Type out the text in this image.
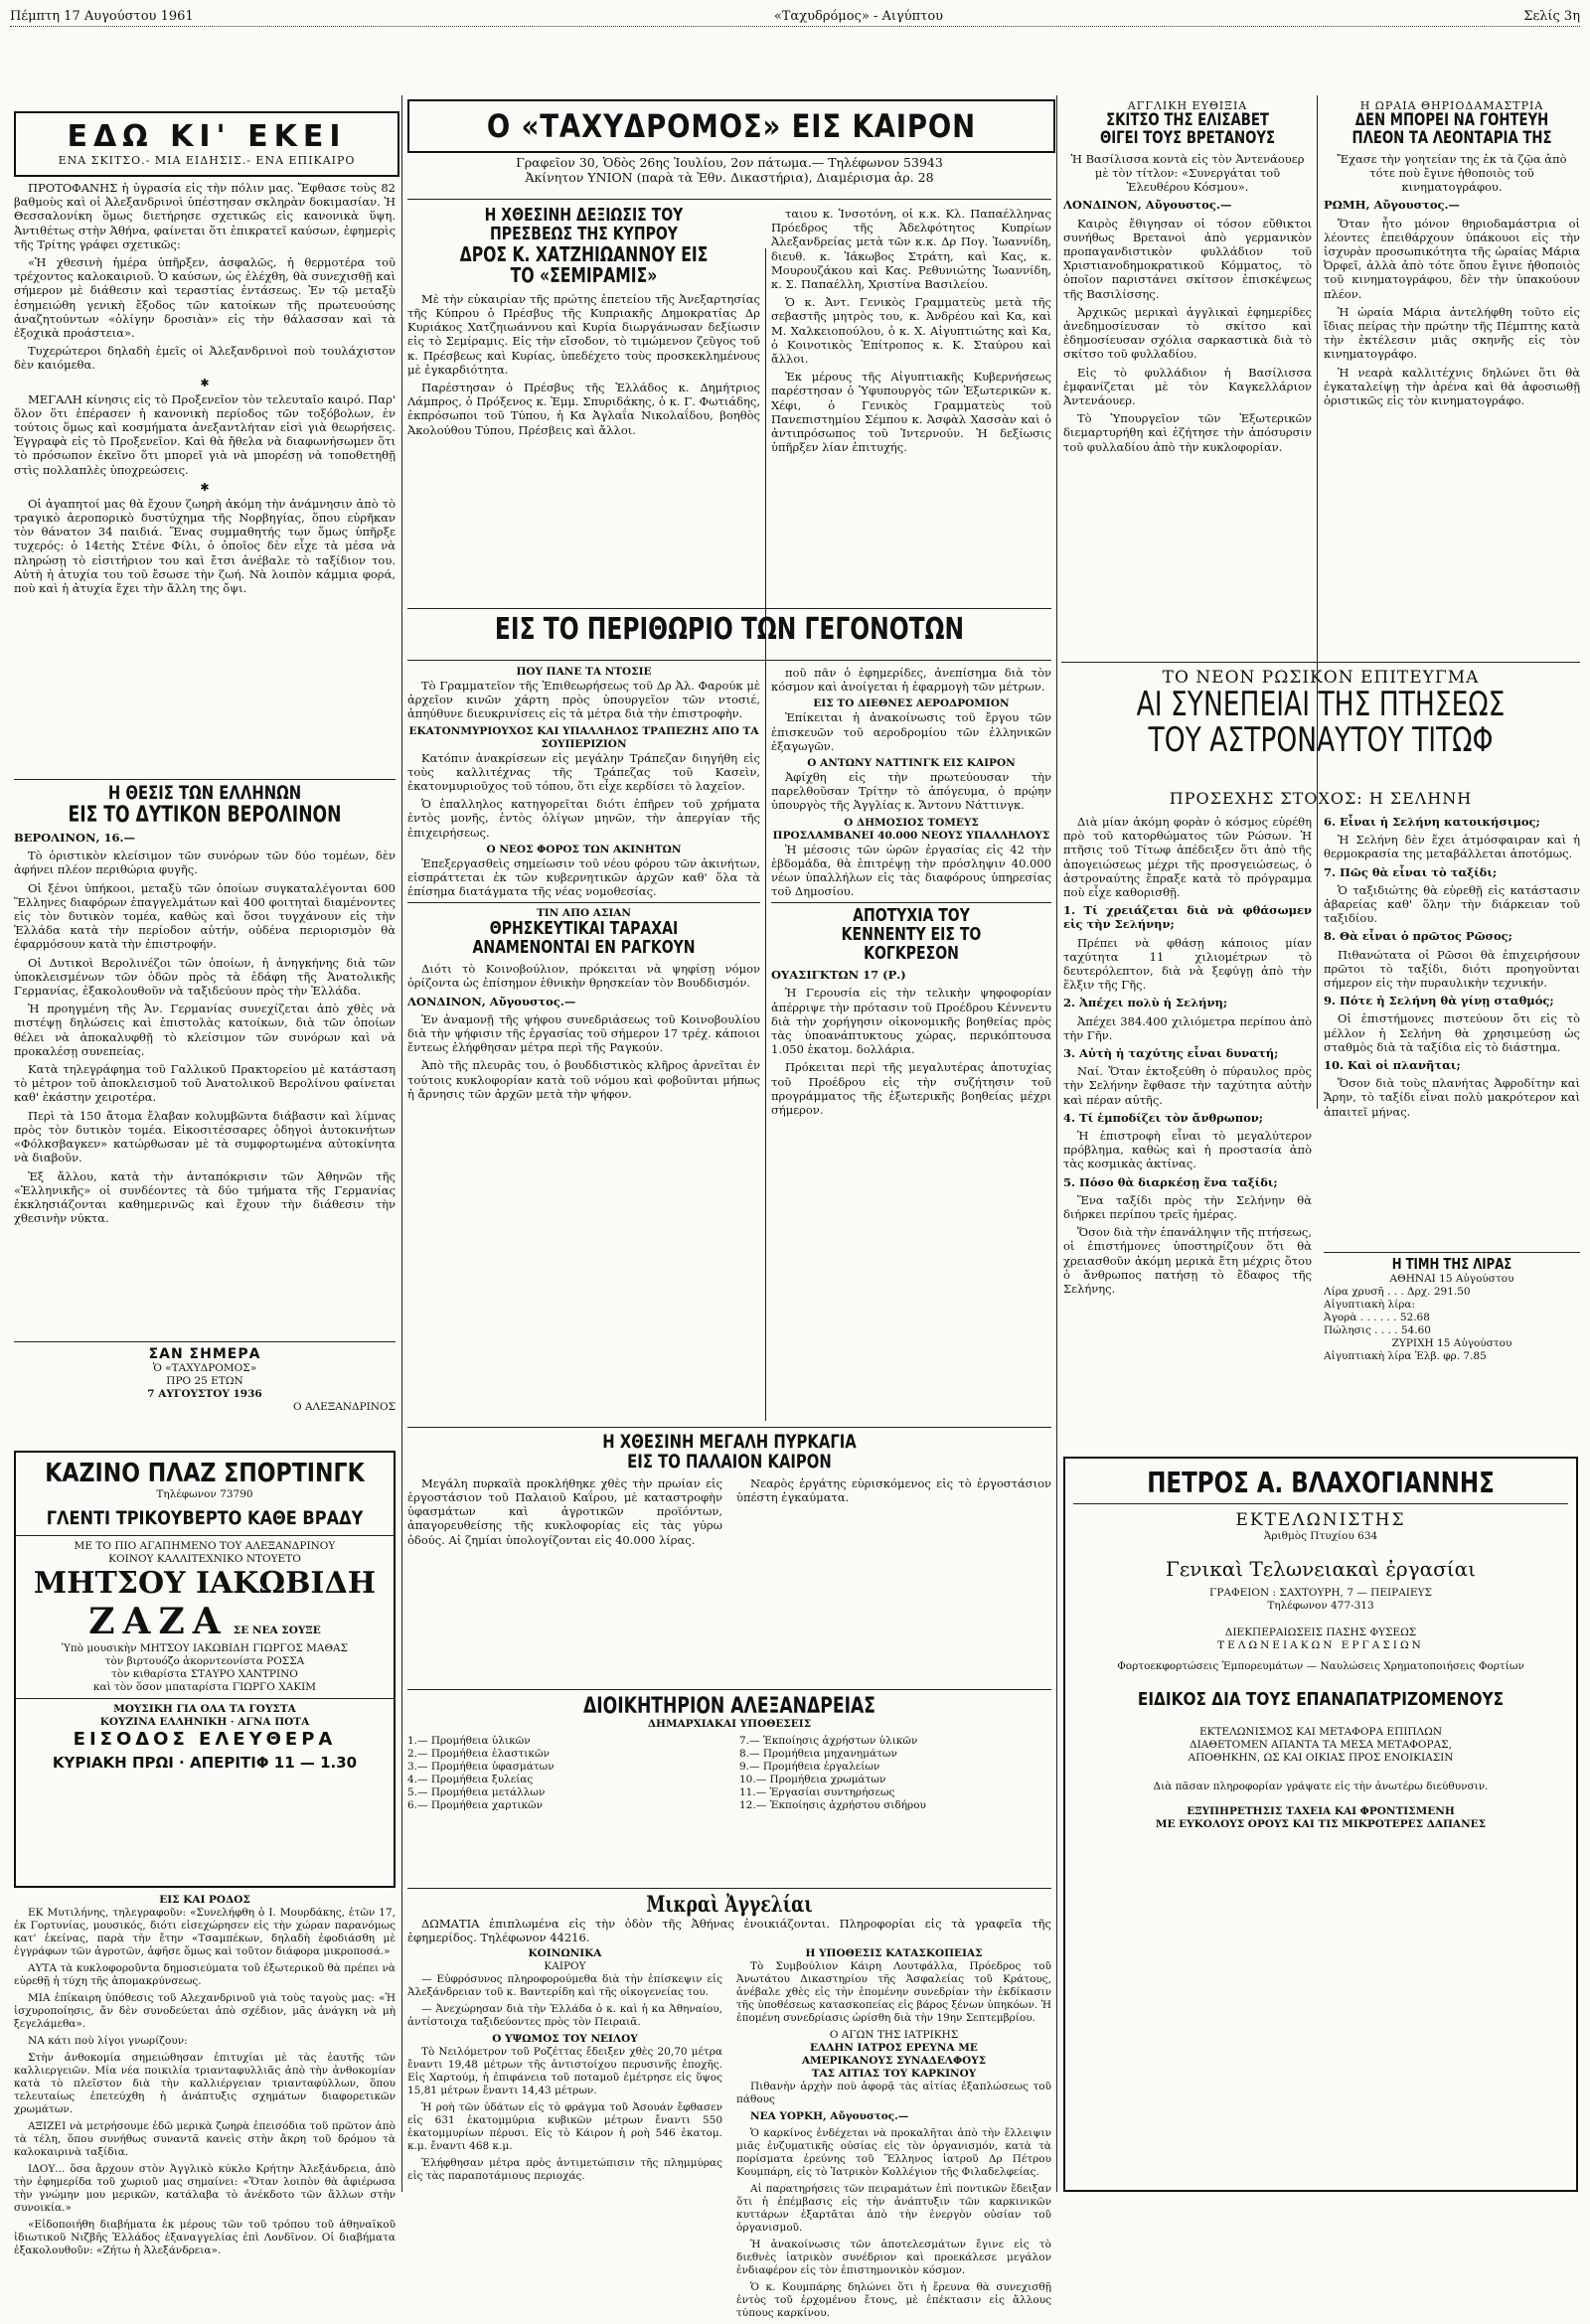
Πέμπτη 17 Αυγούστου 1961	«Ταχυδρόμος» - Αιγύπτου	Σελίς 3η
ΕΔΩ ΚΙ' ΕΚΕΙ
ΕΝΑ ΣΚΙΤΣΟ.- ΜΙΑ ΕΙΔΗΣΙΣ.- ΕΝΑ ΕΠΙΚΑΙΡΟ

ΠΡΟΤΟΦΑΝΗΣ ἡ ὑγρασία εἰς τὴν πόλιν μας. Ἔφθασε τοὺς 82 βαθμοὺς καὶ οἱ Ἀλεξανδρινοὶ ὑπέστησαν σκληρὰν δοκιμασίαν. Ἡ Θεσσαλονίκη ὅμως διετήρησε σχετικῶς εἰς κανονικὰ ὕψη. Ἀντιθέτως στὴν Ἀθήνα, φαίνεται ὅτι ἐπικρατεῖ καύσων, ἐφημερὶς τῆς Τρίτης γράφει σχετικῶς:

«Ἡ χθεσινὴ ἡμέρα ὑπῆρξεν, ἀσφαλῶς, ἡ θερμοτέρα τοῦ τρέχοντος καλοκαιριοῦ. Ὁ καύσων, ὡς ἐλέχθη, θὰ συνεχισθῇ καὶ σήμερον μὲ διάθεσιν καὶ τεραστίας ἐντάσεως. Ἐν τῷ μεταξὺ ἐσημειώθη γενικὴ ἔξοδος τῶν κατοίκων τῆς πρωτευούσης ἀναζητούντων «ὀλίγην δροσιὰν» εἰς τὴν θάλασσαν καὶ τὰ ἐξοχικὰ προάστεια».

Τυχερώτεροι δηλαδὴ ἐμεῖς οἱ Ἀλεξανδρινοὶ ποὺ τουλάχιστον δὲν καιόμεθα.

✱

ΜΕΓΑΛΗ κίνησις εἰς τὸ Προξενεῖον τὸν τελευταῖο καιρό. Παρ' ὅλον ὅτι ἐπέρασεν ἡ κανονικὴ περίοδος τῶν τοξόβολων, ἐν τούτοις ὅμως καὶ κοσμήματα ἀνεξαντλήταν εἰσὶ γιὰ θεωρήσεις. Ἐγγραφὰ εἰς τὸ Προξενεῖον. Καὶ θὰ ἤθελα νὰ διαφωνήσωμεν ὅτι τὸ πρόσωπον ἐκεῖνο ὅτι μπορεῖ γιὰ νὰ μπορέσῃ νὰ τοποθετηθῇ στὶς πολλαπλὲς ὑποχρεώσεις.

✱

Οἱ ἀγαπητοί μας θὰ ἔχουν ζωηρὴ ἀκόμη τὴν ἀνάμνησιν ἀπὸ τὸ τραγικὸ ἀεροπορικὸ δυστύχημα τῆς Νορβηγίας, ὅπου εὑρῆκαν τὸν θάνατον 34 παιδιά. Ἕνας συμμαθητής των ὅμως ὑπῆρξε τυχερός: ὁ 14ετὴς Στένε Φίλι, ὁ ὁποῖος δὲν εἶχε τὰ μέσα νὰ πληρώσῃ τὸ εἰσιτήριον του καὶ ἔτσι ἀνέβαλε τὸ ταξίδιον του. Αὐτὴ ἡ ἀτυχία του τοῦ ἔσωσε τὴν ζωή. Νὰ λοιπὸν κάμμια φορά, ποὺ καὶ ἡ ἀτυχία ἔχει τὴν ἄλλη της ὄψι.

Η ΘΕΣΙΣ ΤΩΝ ΕΛΛΗΝΩΝ
ΕΙΣ ΤΟ ΔΥΤΙΚΟΝ ΒΕΡΟΛΙΝΟΝ

ΒΕΡΟΛΙΝΟΝ, 16.—

Τὸ ὁριστικὸν κλείσιμον τῶν συνόρων τῶν δύο τομέων, δὲν ἀφήνει πλέον περιθώρια φυγῆς.

Οἱ ξένοι ὑπήκοοι, μεταξὺ τῶν ὁποίων συγκαταλέγονται 600 Ἕλληνες διαφόρων ἐπαγγελμάτων καὶ 400 φοιτηταὶ διαμένοντες εἰς τὸν δυτικὸν τομέα, καθὼς καὶ ὅσοι τυγχάνουν εἰς τὴν Ἑλλάδα κατὰ τὴν περίοδον αὐτήν, οὐδένα περιορισμὸν θὰ ἐφαρμόσουν κατὰ τὴν ἐπιστροφήν.

Οἱ Δυτικοὶ Βερολινέζοι τῶν ὁποίων, ἡ ἀνηγκήνης διὰ τῶν ὑποκλεισμένων τῶν ὁδῶν πρὸς τὰ ἐδάφη τῆς Ἀνατολικῆς Γερμανίας, ἐξακολουθοῦν νὰ ταξιδεύουν πρὸς τὴν Ἑλλάδα.

Ἡ προηγμένη τῆς Ἀν. Γερμανίας συνεχίζεται ἀπὸ χθὲς νὰ πιστέψῃ δηλώσεις καὶ ἐπιστολὰς κατοίκων, διὰ τῶν ὁποίων θέλει νὰ ἀποκαλυφθῇ τὸ κλείσιμον τῶν συνόρων καὶ νὰ προκαλέσῃ συνεπείας.

Κατὰ τηλεγράφημα τοῦ Γαλλικοῦ Πρακτορείου μὲ κατάσταση τὸ μέτρον τοῦ ἀποκλεισμοῦ τοῦ Ἀνατολικοῦ Βερολίνου φαίνεται καθ' ἑκάστην χειροτέρα.

Περὶ τὰ 150 ἄτομα ἔλαβαν κολυμβῶντα διάβασιν καὶ λίμνας πρὸς τὸν δυτικὸν τομέα. Εἰκοσιτέσσαρες ὁδηγοὶ ἀυτοκινήτων «Φόλκσβαγκεν» κατώρθωσαν μὲ τὰ συμφορτωμένα αὐτοκίνητα νὰ διαβοῦν.

Ἐξ ἄλλου, κατὰ τὴν ἀνταπόκρισιν τῶν Ἀθηνῶν τῆς «Ἑλληνικῆς» οἱ συνδέοντες τὰ δύο τμήματα τῆς Γερμανίας ἐκκλησιάζονται καθημερινῶς καὶ ἔχουν τὴν διάθεσιν τὴν χθεσινὴν νύκτα.

ΚΑΖΙΝΟ ΠΛΑΖ ΣΠΟΡΤΙΝΓΚ
Τηλέφωνον 73790
ΓΛΕΝΤΙ ΤΡΙΚΟΥΒΕΡΤΟ ΚΑΘΕ ΒΡΑΔΥ
ΜΕ ΤΟ ΠΙΟ ΑΓΑΠΗΜΕΝΟ ΤΟΥ ΑΛΕΞΑΝΔΡΙΝΟΥ
ΚΟΙΝΟΥ ΚΑΛΛΙΤΕΧΝΙΚΟ ΝΤΟΥΕΤΟ
ΜΗΤΣΟΥ ΙΑΚΩΒΙΔΗ
ΖΑΖΑ ΣΕ ΝΕΑ ΣΟΥΞΕ
Ὑπὸ μουσικὴν ΜΗΤΣΟΥ ΙΑΚΩΒΙΔΗ ΓΙΩΡΓΟΣ ΜΑΘΑΣ
τὸν βιρτουόζο ἀκορντεονίστα ΡΟΣΣΑ
τὸν κιθαρίστα ΣΤΑΥΡΟ ΧΑΝΤΡΙΝΟ
καὶ τὸν ὅσον μπαταρίστα ΓΙΩΡΓΟ ΧΑΚΙΜ
ΜΟΥΣΙΚΗ ΓΙΑ ΟΛΑ ΤΑ ΓΟΥΣΤΑ
ΚΟΥΖΙΝΑ ΕΛΛΗΝΙΚΗ · ΑΓΝΑ ΠΟΤΑ
ΕΙΣΟΔΟΣ ΕΛΕΥΘΕΡΑ
ΚΥΡΙΑΚΗ ΠΡΩΙ · ΑΠΕΡΙΤΙΦ 11 — 1.30
ΣΑΝ ΣΗΜΕΡΑ
Ὁ «ΤΑΧΥΔΡΟΜΟΣ»
ΠΡΟ 25 ΕΤΩΝ
7 ΑΥΓΟΥΣΤΟΥ 1936
Ο ΑΛΕΞΑΝΔΡΙΝΟΣ
Ο «ΤΑΧΥΔΡΟΜΟΣ» ΕΙΣ ΚΑΙΡΟΝ
Γραφεῖον 30, Ὁδὸς 26ης Ἰουλίου, 2ον πάτωμα.— Τηλέφωνον 53943
Ἀκίνητον ΥΝΙΟΝ (παρὰ τὰ Ἐθν. Δικαστήρια), Διαμέρισμα ἀρ. 28
Η ΧΘΕΣΙΝΗ ΔΕΞΙΩΣΙΣ ΤΟΥ ΠΡΕΣΒΕΩΣ ΤΗΣ ΚΥΠΡΟΥ
ΔΡΟΣ Κ. ΧΑΤΖΗΙΩΑΝΝΟΥ ΕΙΣ ΤΟ «ΣΕΜΙΡΑΜΙΣ»

Μὲ τὴν εὐκαιρίαν τῆς πρώτης ἐπετείου τῆς Ἀνεξαρτησίας τῆς Κύπρου ὁ Πρέσβυς τῆς Κυπριακῆς Δημοκρατίας Δρ Κυριάκος Χατζηιωάννου καὶ Κυρία διωργάνωσαν δεξίωσιν εἰς τὸ Σεμίραμις. Εἰς τὴν εἴσοδον, τὸ τιμώμενον ζεῦγος τοῦ κ. Πρέσβεως καὶ Κυρίας, ὑπεδέχετο τοὺς προσκεκλημένους μὲ ἐγκαρδιότητα.

Παρέστησαν ὁ Πρέσβυς τῆς Ἑλλάδος κ. Δημήτριος Λάμπρος, ὁ Πρόξενος κ. Ἐμμ. Σπυριδάκης, ὁ κ. Γ. Φωτιάδης, ἐκπρόσωποι τοῦ Τύπου, ἡ Κα Ἀγλαΐα Νικολαΐδου, βοηθὸς Ἀκολούθου Τύπου, Πρέσβεις καὶ ἄλλοι.

ταιου κ. Ἰνσοτόνη, οἱ κ.κ. Κλ. Παπαέλληνας Πρόεδρος τῆς Ἀδελφότητος Κυπρίων Ἀλεξανδρείας μετὰ τῶν κ.κ. Δρ Πογ. Ἰωαννίδη, διευθ. κ. Ἰάκωβος Στράτη, καὶ Κας, κ. Μουρουζάκου καὶ Κας. Ρεθυνιώτης Ἰωαννίδη, κ. Σ. Παπαέλλη, Χριστίνα Βασιλείου.

Ὁ κ. Ἀντ. Γενικὸς Γραμματεὺς μετὰ τῆς σεβαστῆς μητρὸς του, κ. Ἀνδρέου καὶ Κα, καὶ Μ. Χαλκειοπούλου, ὁ κ. Χ. Αἰγυπτιώτης καὶ Κα, ὁ Κοινοτικὸς Ἐπίτροπος κ. Κ. Σταύρου καὶ ἄλλοι.

Ἐκ μέρους τῆς Αἰγυπτιακῆς Κυβερνήσεως παρέστησαν ὁ Ὑφυπουργὸς τῶν Ἐξωτερικῶν κ. Χέφι, ὁ Γενικὸς Γραμματεὺς τοῦ Πανεπιστημίου Σέμπου κ. Ἀσφὰλ Χασσὰν καὶ ὁ ἀντιπρόσωπος τοῦ Ἰντερνούν. Ἡ δεξίωσις ὑπῆρξεν λίαν ἐπιτυχής.

ΕΙΣ ΤΟ ΠΕΡΙΘΩΡΙΟ ΤΩΝ ΓΕΓΟΝΟΤΩΝ
ΠΟΥ ΠΑΝΕ ΤΑ ΝΤΟΣΙΕ

Τὸ Γραμματεῖον τῆς Ἐπιθεωρήσεως τοῦ Δρ Ἀλ. Φαρούκ μὲ ἀρχεῖον κινῶν χάρτη πρὸς ὑπουργεῖον τῶν ντοσιέ, ἀπηύθυνε διευκρινίσεις εἰς τὰ μέτρα διὰ τὴν ἐπιστροφὴν.

ΕΚΑΤΟΝΜΥΡΙΟΥΧΟΣ ΚΑΙ ΥΠΑΛΛΗΛΟΣ ΤΡΑΠΕΖΗΣ ΑΠΟ ΤΑ ΣΟΥΠΕΡΙΖΙΟΝ

Κατόπιν ἀνακρίσεων εἰς μεγάλην Τράπεζαν διηγήθη εἰς τοὺς καλλιτέχνας τῆς Τράπεζας τοῦ Κασεὶν, ἐκατονμυριοῦχος τοῦ τόπου, ὅτι εἶχε κερδίσει τὸ λαχεῖον.

Ὁ ἐπαλληλος κατηγορεῖται διότι ἐπῆρεν τοῦ χρήματα ἐντὸς μονῆς, ἐντὸς ὀλίγων μηνῶν, τὴν ἀπεργίαν τῆς ἐπιχειρήσεως.

Ο ΝΕΟΣ ΦΟΡΟΣ ΤΩΝ ΑΚΙΝΗΤΩΝ

Ἐπεξεργασθεὶς σημείωσιν τοῦ νέου φόρου τῶν ἀκινήτων, εἰσπράττεται ἐκ τῶν κυβερνητικῶν ἀρχῶν καθ' ὅλα τὰ ἐπίσημα διατάγματα τῆς νέας νομοθεσίας.

ΤΙΝ ΑΠΟ ΑΣΙΑΝ
ΘΡΗΣΚΕΥΤΙΚΑΙ ΤΑΡΑΧΑΙ
ΑΝΑΜΕΝΟΝΤΑΙ ΕΝ ΡΑΓΚΟΥΝ

Διότι τὸ Κοινοβούλιον, πρόκειται νὰ ψηφίσῃ νόμον ὁρίζοντα ὡς ἐπίσημον ἐθνικὴν θρησκείαν τὸν Βουδδισμόν.

ΛΟΝΔΙΝΟΝ, Αὔγουστος.—

Ἐν ἀναμονῇ τῆς ψήφου συνεδριάσεως τοῦ Κοινοβουλίου διὰ τὴν ψήφισιν τῆς ἐργασίας τοῦ σήμερον 17 τρέχ. κάποιοι ἔντεως ἐλήφθησαν μέτρα περὶ τῆς Ραγκούν.

Ἀπὸ τῆς πλευρᾶς του, ὁ βουδδιστικὸς κλῆρος ἀρνεῖται ἐν τούτοις κυκλοφορίαν κατὰ τοῦ νόμου καὶ φοβοῦνται μήπως ἡ ἄρνησις τῶν ἀρχῶν μετὰ τὴν ψήφον.

ποῦ πᾶν ὁ ἐφημερίδες, ἀνεπίσημα διὰ τὸν κόσμον καὶ ἀνοίγεται ἡ ἐφαρμογὴ τῶν μέτρων.

ΕΙΣ ΤΟ ΔΙΕΘΝΕΣ ΑΕΡΟΔΡΟΜΙΟΝ

Ἐπίκειται ἡ ἀνακοίνωσις τοῦ ἔργου τῶν ἐπισκευῶν τοῦ αεροδρομίου τῶν ἐλληνικῶν ἐξαγωγῶν.

Ο ΑΝΤΩΝΥ ΝΑΤΤΙΝΓΚ ΕΙΣ ΚΑΙΡΟΝ

Ἀφίχθη εἰς τὴν πρωτεύουσαν τὴν παρελθοῦσαν Τρίτην τὸ ἀπόγευμα, ὁ πρῴην ὑπουργὸς τῆς Ἀγγλίας κ. Ἄντονυ Νάττινγκ.

Ο ΔΗΜΟΣΙΟΣ ΤΟΜΕΥΣ
ΠΡΟΣΛΑΜΒΑΝΕΙ 40.000 ΝΕΟΥΣ ΥΠΑΛΛΗΛΟΥΣ

Ἡ μέσοσις τῶν ὡρῶν ἐργασίας εἰς 42 τὴν ἑβδομάδα, θὰ ἐπιτρέψῃ τὴν πρόσληψιν 40.000 νέων ὑπαλλήλων εἰς τὰς διαφόρους ὑπηρεσίας τοῦ Δημοσίου.

ΑΠΟΤΥΧΙΑ ΤΟΥ
ΚΕΝΝΕΝΤΥ ΕΙΣ ΤΟ ΚΟΓΚΡΕΣΟΝ

ΟΥΑΣΙΓΚΤΩΝ 17 (Ρ.)

Ἡ Γερουσία εἰς τὴν τελικὴν ψηφοφορίαν ἀπέρριψε τὴν πρότασιν τοῦ Προέδρου Κέννεντυ διὰ τὴν χορήγησιν οἰκονομικῆς βοηθείας πρὸς τὰς ὑποανάπτυκτους χώρας, περικόπτουσα 1.050 ἑκατομ. δολλάρια.

Πρόκειται περὶ τῆς μεγαλυτέρας ἀποτυχίας τοῦ Προέδρου εἰς τὴν συζήτησιν τοῦ προγράμματος τῆς ἐξωτερικῆς βοηθείας μέχρι σήμερον.

Η ΧΘΕΣΙΝΗ ΜΕΓΑΛΗ ΠΥΡΚΑΓΙΑ
ΕΙΣ ΤΟ ΠΑΛΑΙΟΝ ΚΑΙΡΟΝ

Μεγάλη πυρκαϊὰ προκλήθηκε χθὲς τὴν πρωίαν εἰς ἑργοστάσιον τοῦ Παλαιοῦ Καΐρου, μὲ καταστροφὴν ὑφασμάτων καὶ ἀγροτικῶν προϊόντων, ἀπαγορευθείσης τῆς κυκλοφορίας εἰς τὰς γύρω ὁδούς. Αἱ ζημίαι ὑπολογίζονται εἰς 40.000 λίρας.

Νεαρὸς ἐργάτης εὑρισκόμενος εἰς τὸ ἐργοστάσιον ὑπέστη ἐγκαύματα.

ΔΙΟΙΚΗΤΗΡΙΟΝ ΑΛΕΞΑΝΔΡΕΙΑΣ
ΔΗΜΑΡΧΙΑΚΑΙ ΥΠΟΘΕΣΕΙΣ
1.— Προμήθεια ὑλικῶν
2.— Προμήθεια ἐλαστικῶν
3.— Προμήθεια ὑφασμάτων
4.— Προμήθεια ξυλείας
5.— Προμήθεια μετάλλων
6.— Προμήθεια χαρτικῶν
7.— Ἐκποίησις ἀχρήστων ὑλικῶν
8.— Προμήθεια μηχανημάτων
9.— Προμήθεια ἐργαλείων
10.— Προμήθεια χρωμάτων
11.— Ἐργασίαι συντηρήσεως
12.— Ἐκποίησις ἀχρήστου σιδήρου
Μικραὶ Ἀγγελίαι

ΔΩΜΑΤΙΑ ἐπιπλωμένα εἰς τὴν ὁδὸν τῆς Ἀθήνας ἐνοικιάζονται. Πληροφορίαι εἰς τὰ γραφεῖα τῆς ἐφημερίδος. Τηλέφωνον 44216.

ΑΓΓΛΙΚΗ ΕΥΘΙΞΙΑ
ΣΚΙΤΣΟ ΤΗΣ ΕΛΙΣΑΒΕΤ
ΘΙΓΕΙ ΤΟΥΣ ΒΡΕΤΑΝΟΥΣ

Ἡ Βασίλισσα κοντὰ εἰς τὸν Ἀντενάουερ μὲ τὸν τίτλον: «Συνεργάται τοῦ Ἐλευθέρου Κόσμου».

ΛΟΝΔΙΝΟΝ, Αὔγουστος.—

Καιρὸς ἔθιγησαν οἱ τόσον εὔθικτοι συνήθως Βρετανοὶ ἀπὸ γερμανικὸν προπαγανδιστικὸν φυλλάδιον τοῦ Χριστιανοδημοκρατικοῦ Κόμματος, τὸ ὁποῖον παριστάνει σκίτσον ἐπισκέψεως τῆς Βασιλίσσης.

Ἀρχικῶς μερικαὶ ἀγγλικαὶ ἐφημερίδες ἀνεδημοσίευσαν τὸ σκίτσο καὶ ἐδημοσίευσαν σχόλια σαρκαστικὰ διὰ τὸ σκίτσο τοῦ φυλλαδίου.

Εἰς τὸ φυλλάδιον ἡ Βασίλισσα ἐμφανίζεται μὲ τὸν Καγκελλάριον Ἀντενάουερ.

Τὸ Ὑπουργεῖον τῶν Ἐξωτερικῶν διεμαρτυρήθη καὶ ἐζήτησε τὴν ἀπόσυρσιν τοῦ φυλλαδίου ἀπὸ τὴν κυκλοφορίαν.

Η ΩΡΑΙΑ ΘΗΡΙΟΔΑΜΑΣΤΡΙΑ
ΔΕΝ ΜΠΟΡΕΙ ΝΑ ΓΟΗΤΕΥΗ
ΠΛΕΟΝ ΤΑ ΛΕΟΝΤΑΡΙΑ ΤΗΣ

Ἔχασε τὴν γοητείαν της ἐκ τὰ ζῷα ἀπὸ τότε ποὺ ἔγινε ἡθοποιὸς τοῦ κινηματογράφου.

ΡΩΜΗ, Αὔγουστος.—

Ὅταν ἦτο μόνον θηριοδαμάστρια οἱ λέοντες ἐπειθάρχουν ὑπάκουοι εἰς τὴν ἰσχυρὰν προσωπικότητα τῆς ὡραίας Μάρια Ὀρφεῖ, ἀλλὰ ἀπὸ τότε ὅπου ἔγινε ἡθοποιὸς τοῦ κινηματογράφου, δὲν τὴν ὑπακούουν πλέον.

Ἡ ὡραία Μάρια ἀντελήφθη τοῦτο εἰς ἴδιας πείρας τὴν πρώτην τῆς Πέμπτης κατὰ τὴν ἐκτέλεσιν μιᾶς σκηνῆς εἰς τὸν κινηματογράφο.

Ἡ νεαρὰ καλλιτέχνις δηλώνει ὅτι θὰ ἐγκαταλείψῃ τὴν ἀρένα καὶ θὰ ἀφοσιωθῇ ὁριστικῶς εἰς τὸν κινηματογράφο.

ΤΟ ΝΕΟΝ ΡΩΣΙΚΟΝ ΕΠΙΤΕΥΓΜΑ
ΑΙ ΣΥΝΕΠΕΙΑΙ ΤΗΣ ΠΤΗΣΕΩΣ
ΤΟΥ ΑΣΤΡΟΝΑΥΤΟΥ ΤΙΤΩΦ
ΠΡΟΣΕΧΗΣ ΣΤΟΧΟΣ: Η ΣΕΛΗΝΗ

Διὰ μίαν ἀκόμη φορὰν ὁ κόσμος εὑρέθη πρὸ τοῦ κατορθώματος τῶν Ρώσων. Ἡ πτῆσις τοῦ Τίτωφ ἀπέδειξεν ὅτι ἀπὸ τῆς ἀπογειώσεως μέχρι τῆς προσγειώσεως, ὁ ἀστροναύτης ἔπραξε κατὰ τὸ πρόγραμμα ποὺ εἶχε καθορισθῇ.

1. Τί χρειάζεται διὰ νὰ φθάσωμεν εἰς τὴν Σελήνην;

Πρέπει νὰ φθάσῃ κάποιος μίαν ταχύτητα 11 χιλιομέτρων τὸ δευτερόλεπτον, διὰ νὰ ξεφύγῃ ἀπὸ τὴν ἕλξιν τῆς Γῆς.

2. Ἀπέχει πολὺ ἡ Σελήνη;

Ἀπέχει 384.400 χιλιόμετρα περίπου ἀπὸ τὴν Γῆν.

3. Αὐτὴ ἡ ταχύτης εἶναι δυνατή;

Ναί. Ὅταν ἐκτοξεύθη ὁ πύραυλος πρὸς τὴν Σελήνην ἔφθασε τὴν ταχύτητα αὐτὴν καὶ πέραν αὐτῆς.

4. Τί ἐμποδίζει τὸν ἄνθρωπον;

Ἡ ἐπιστροφὴ εἶναι τὸ μεγαλύτερον πρόβλημα, καθὼς καὶ ἡ προστασία ἀπὸ τὰς κοσμικὰς ἀκτίνας.

5. Πόσο θὰ διαρκέσῃ ἕνα ταξίδι;

Ἕνα ταξίδι πρὸς τὴν Σελήνην θὰ διήρκει περίπου τρεῖς ἡμέρας.

Ὅσον διὰ τὴν ἐπανάληψιν τῆς πτήσεως, οἱ ἐπιστήμονες ὑποστηρίζουν ὅτι θὰ χρειασθοῦν ἀκόμη μερικὰ ἔτη μέχρις ὅτου ὁ ἄνθρωπος πατήσῃ τὸ ἔδαφος τῆς Σελήνης.

6. Εἶναι ἡ Σελήνη κατοικήσιμος;

Ἡ Σελήνη δὲν ἔχει ἀτμόσφαιραν καὶ ἡ θερμοκρασία της μεταβάλλεται ἀποτόμως.

7. Πῶς θὰ εἶναι τὸ ταξίδι;

Ὁ ταξιδιώτης θὰ εὑρεθῇ εἰς κατάστασιν ἀβαρείας καθ' ὅλην τὴν διάρκειαν τοῦ ταξιδίου.

8. Θὰ εἶναι ὁ πρῶτος Ρῶσος;

Πιθανώτατα οἱ Ρῶσοι θὰ ἐπιχειρήσουν πρῶτοι τὸ ταξίδι, διότι προηγοῦνται σήμερον εἰς τὴν πυραυλικὴν τεχνικήν.

9. Πότε ἡ Σελήνη θὰ γίνῃ σταθμός;

Οἱ ἐπιστήμονες πιστεύουν ὅτι εἰς τὸ μέλλον ἡ Σελήνη θὰ χρησιμεύσῃ ὡς σταθμὸς διὰ τὰ ταξίδια εἰς τὸ διάστημα.

10. Καὶ οἱ πλανῆται;

Ὅσον διὰ τοὺς πλανήτας Ἀφροδίτην καὶ Ἄρην, τὸ ταξίδι εἶναι πολὺ μακρότερον καὶ ἀπαιτεῖ μήνας.

Η ΤΙΜΗ ΤΗΣ ΛΙΡΑΣ
ΑΘΗΝΑΙ 15 Αὐγούστου
Λίρα χρυσῆ . . . Δρχ. 291.50
Αἰγυπτιακὴ λίρα:
Ἀγορὰ . . . . . . 52.68
Πώλησις . . . . 54.60
ΖΥΡΙΧΗ 15 Αὐγούστου
Αἰγυπτιακὴ λίρα Ἐλβ. φρ. 7.85
ΠΕΤΡΟΣ Α. ΒΛΑΧΟΓΙΑΝΝΗΣ
ΕΚΤΕΛΩΝΙΣΤΗΣ
Ἀριθμὸς Πτυχίου 634
Γενικαὶ Τελωνειακαὶ ἐργασίαι
ΓΡΑΦΕΙΟΝ : ΣΑΧΤΟΥΡΗ, 7 — ΠΕΙΡΑΙΕΥΣ
Τηλέφωνον 477-313
ΔΙΕΚΠΕΡΑΙΩΣΕΙΣ ΠΑΣΗΣ ΦΥΣΕΩΣ
ΤΕΛΩΝΕΙΑΚΩΝ ΕΡΓΑΣΙΩΝ
Φορτοεκφορτώσεις Ἐμπορευμάτων — Ναυλώσεις Χρηματοποιήσεις Φορτίων
ΕΙΔΙΚΟΣ ΔΙΑ ΤΟΥΣ ΕΠΑΝΑΠΑΤΡΙΖΟΜΕΝΟΥΣ
ΕΚΤΕΛΩΝΙΣΜΟΣ ΚΑΙ ΜΕΤΑΦΟΡΑ ΕΠΙΠΛΩΝ
ΔΙΑΘΕΤΟΜΕΝ ΑΠΑΝΤΑ ΤΑ ΜΕΣΑ ΜΕΤΑΦΟΡΑΣ,
ΑΠΟΘΗΚΗΝ, ΩΣ ΚΑΙ ΟΙΚΙΑΣ ΠΡΟΣ ΕΝΟΙΚΙΑΣΙΝ
Διὰ πᾶσαν πληροφορίαν γράψατε εἰς τὴν ἀνωτέρω διεύθυνσιν.
ΕΞΥΠΗΡΕΤΗΣΙΣ ΤΑΧΕΙΑ ΚΑΙ ΦΡΟΝΤΙΣΜΕΝΗ
ΜΕ ΕΥΚΟΛΟΥΣ ΟΡΟΥΣ ΚΑΙ ΤΙΣ ΜΙΚΡΟΤΕΡΕΣ ΔΑΠΑΝΕΣ
ΕΙΣ ΚΑΙ ΡΟΔΟΣ

ΕΚ Μυτιλήνης, τηλεγραφοῦν: «Συνελήφθη ὁ Ι. Μουρδάκης, ἐτῶν 17, ἐκ Γορτυνίας, μουσικός, διότι εἰσεχώρησεν εἰς τὴν χώραν παρανόμως κατ' ἐκείνας, παρὰ τὴν ἔτην «Τσαμπέκων, δηλαδὴ ἐφοδιάσθη μὲ ἐγγράφων τῶν ἀγροτῶν, ἀφῆσε ὅμως καὶ τοῦτον διάφορα μικροποσά.»

ΑΥΤΑ τὰ κυκλοφοροῦντα δημοσιεύματα τοῦ ἐξωτερικοῦ θὰ πρέπει νὰ εὑρεθῇ ἡ τύχη τῆς ἀπομακρύνσεως.

ΜΙΑ ἐπίκαιρη ὑπόθεσις τοῦ Αλεχανδρινοῦ γιὰ τοὺς ταγοὺς μας: «Ἡ ἰσχυροποίησις, ἄν δὲν συνοδεύεται ἀπὸ σχέδιον, μᾶς ἀνάγκη νὰ μὴ ξεγελάμεθα».

ΝΑ κάτι ποὺ λίγοι γνωρίζουν:

Στὴν ἀνθοκομία σημειώθησαν ἐπιτυχίαι μὲ τὰς ἐαυτῆς τῶν καλλιεργειῶν. Μία νέα ποικιλία τριανταφυλλιᾶς ἀπὸ τὴν ἀνθοκομίαν κατὰ τὸ πλεῖστον διὰ τὴν καλλιέργειαν τριανταφύλλων, ὅπου τελευταίως ἐπετεύχθη ἡ ἀνάπτυξις σχημάτων διαφορετικῶν χρωμάτων.

ΑΞΙΖΕΙ νὰ μετρήσουμε ἐδῶ μερικὰ ζωηρὰ ἐπεισόδια τοῦ πρῶτον ἀπὸ τὰ τέλη, ὅπου συνήθως συναντᾶ κανεὶς στὴν ἄκρη τοῦ δρόμου τὰ καλοκαιρινὰ ταξίδια.

ΙΔΟΥ... ὅσα ἄρχουν στὸν Ἀγγλικὸ κύκλο Κρήτην Ἀλεξάνδρεια, ἀπὸ τὴν ἐφημερίδα τοῦ χωριοῦ μας σημαίνει: «Ὅταν λοιπὸν θὰ ἀφιέρωσα τὴν γνώμην μου μερικῶν, κατάλαβα τὸ ἀνέκδοτο τῶν ἄλλων στὴν συνοικία.»

«Εἰδοποιήθη διαβήματα ἐκ μέρους τῶν τοῦ τρόπου τοῦ ἀθηναϊκοῦ ἰδιωτικοῦ Νιζβῆς Ἑλλάδος ἐξαναγγελίας ἐπὶ Λονδῖνον. Οἱ διαβήματα ἐξακολουθοῦν: «Ζήτω ἡ Ἀλεξάνδρεια».

ΚΟΙΝΩΝΙΚΑ
ΚΑΙΡΟΥ

— Εὐφρόσυνος πληροφορούμεθα διὰ τὴν ἐπίσκεψιν εἰς Ἀλεξάνδρειαν τοῦ κ. Βαντερίδη καὶ τῆς οἰκογενείας του.

— Ἀνεχώρησαν διὰ τὴν Ἑλλάδα ὁ κ. καὶ ἡ κα Ἀθηναίου, ἀντίστοιχα ταξιδεύοντες πρὸς τὸν Πειραιᾶ.

Ο ΥΨΩΜΟΣ ΤΟΥ ΝΕΙΛΟΥ

Τὸ Νειλόμετρον τοῦ Ροζέττας ἔδειξεν χθὲς 20,70 μέτρα ἔναντι 19,48 μέτρων τῆς ἀντιστοίχου περυσινῆς ἐποχῆς. Εἰς Χαρτούμ, ἡ ἐπιφάνεια τοῦ ποταμοῦ ἐμέτρησε εἰς ὕψος 15,81 μέτρων ἔναντι 14,43 μέτρων.

Ἡ ροὴ τῶν ὑδάτων εἰς τὸ φράγμα τοῦ Ἀσουάν ἔφθασεν εἰς 631 ἑκατομμύρια κυβικῶν μέτρων ἔναντι 550 ἑκατομμυρίων πέρυσι. Εἰς τὸ Κάιρον ἡ ροὴ 546 ἑκατομ. κ.μ. ἔναντι 468 κ.μ.

Ἐλήφθησαν μέτρα πρὸς ἀντιμετώπισιν τῆς πλημμύρας εἰς τὰς παραποτάμιους περιοχάς.

Η ΥΠΟΘΕΣΙΣ ΚΑΤΑΣΚΟΠΕΙΑΣ

Τὸ Συμβούλιον Κάιρη Λουτφάλλα, Πρόεδρος τοῦ Ἀνωτάτου Δικαστηρίου τῆς Ἀσφαλείας τοῦ Κράτους, ἀνέβαλε χθὲς εἰς τὴν ἑπομένην συνεδρίαν τὴν ἐκδίκασιν τῆς ὑποθέσεως κατασκοπείας εἰς βάρος ξένων ὑπηκόων. Ἡ ἐπομένη συνεδρίασις ὡρίσθη διὰ τὴν 19ην Σεπτεμβρίου.

Ο ΑΓΩΝ ΤΗΣ ΙΑΤΡΙΚΗΣ
ΕΛΛΗΝ ΙΑΤΡΟΣ ΕΡΕΥΝΑ ΜΕ
ΑΜΕΡΙΚΑΝΟΥΣ ΣΥΝΑΔΕΛΦΟΥΣ
ΤΑΣ ΑΙΤΙΑΣ ΤΟΥ ΚΑΡΚΙΝΟΥ

Πιθανὴν ἀρχὴν ποὺ ἀφορᾷ τὰς αἰτίας ἐξαπλώσεως τοῦ πάθους

ΝΕΑ ΥΟΡΚΗ, Αὔγουστος.—

Ὁ καρκίνος ἐνδέχεται νὰ προκαλῆται ἀπὸ τὴν ἔλλειψιν μιᾶς ἐνζυματικῆς οὐσίας εἰς τὸν ὀργανισμόν, κατὰ τὰ πορίσματα ἐρεύνης τοῦ Ἕλληνος ἰατροῦ Δρ Πέτρου Κουμπάρη, εἰς τὸ Ἰατρικὸν Κολλέγιον τῆς Φιλαδελφείας.

Αἱ παρατηρήσεις τῶν πειραμάτων ἐπὶ ποντικῶν ἔδειξαν ὅτι ἡ ἐπέμβασις εἰς τὴν ἀνάπτυξιν τῶν καρκινικῶν κυττάρων ἐξαρτᾶται ἀπὸ τὴν ἐνεργὸν οὐσίαν τοῦ ὀργανισμοῦ.

Ἡ ἀνακοίνωσις τῶν ἀποτελεσμάτων ἔγινε εἰς τὸ διεθνὲς ἰατρικὸν συνέδριον καὶ προεκάλεσε μεγάλον ἐνδιαφέρον εἰς τὸν ἐπιστημονικὸν κόσμον.

Ὁ κ. Κουμπάρης δηλώνει ὅτι ἡ ἔρευνα θὰ συνεχισθῇ ἐντὸς τοῦ ἐρχομένου ἔτους, μὲ ἐπέκτασιν εἰς ἄλλους τύπους καρκίνου.
